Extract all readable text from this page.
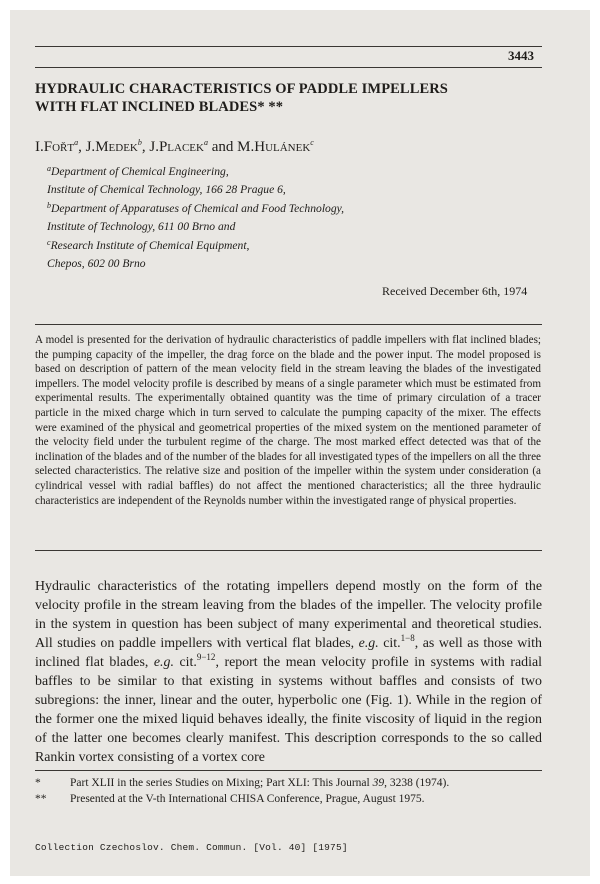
3443
HYDRAULIC CHARACTERISTICS OF PADDLE IMPELLERS
WITH FLAT INCLINED BLADES* **
I.Fořt$^a$, J.Medek$^b$, J.Placek$^a$ and M.Hulánek$^c$
$^a$Department of Chemical Engineering,
Institute of Chemical Technology, 166 28 Prague 6,
$^b$Department of Apparatuses of Chemical and Food Technology,
Institute of Technology, 611 00 Brno and
$^c$Research Institute of Chemical Equipment,
Chepos, 602 00 Brno
Received December 6th, 1974

A model is presented for the derivation of hydraulic characteristics of paddle impellers with flat inclined blades; the pumping capacity of the impeller, the drag force on the blade and the power input. The model proposed is based on description of pattern of the mean velocity field in the stream leaving the blades of the investigated impellers. The model velocity profile is described by means of a single parameter which must be estimated from experimental results. The experimentally obtained quantity was the time of primary circulation of a tracer particle in the mixed charge which in turn served to calculate the pumping capacity of the mixer. The effects were examined of the physical and geometrical properties of the mixed system on the mentioned parameter of the velocity field under the turbulent regime of the charge. The most marked effect detected was that of the inclination of the blades and of the number of the blades for all investigated types of the impellers on all the three selected characteristics. The relative size and position of the impeller within the system under consideration (a cylindrical vessel with radial baffles) do not affect the mentioned characteristics; all the three hydraulic characteristics are independent of the Reynolds number within the investigated range of physical properties.

Hydraulic characteristics of the rotating impellers depend mostly on the form of the velocity profile in the stream leaving from the blades of the impeller. The velocity profile in the system in question has been subject of many experimental and theoretical studies. All studies on paddle impellers with vertical flat blades, e.g. cit.$^{1-8}$, as well as those with inclined flat blades, e.g. cit.$^{9-12}$, report the mean velocity profile in systems with radial baffles to be similar to that existing in systems without baffles and consists of two subregions: the inner, linear and the outer, hyperbolic one (Fig. 1). While in the region of the former one the mixed liquid behaves ideally, the finite viscosity of liquid in the region of the latter one becomes clearly manifest. This description corresponds to the so called Rankin vortex consisting of a vortex core

*	Part XLII in the series Studies on Mixing; Part XLI: This Journal 39, 3238 (1974).
** Presented at the V-th International CHISA Conference, Prague, August 1975.
Collection Czechoslov. Chem. Commun. [Vol. 40] [1975]
